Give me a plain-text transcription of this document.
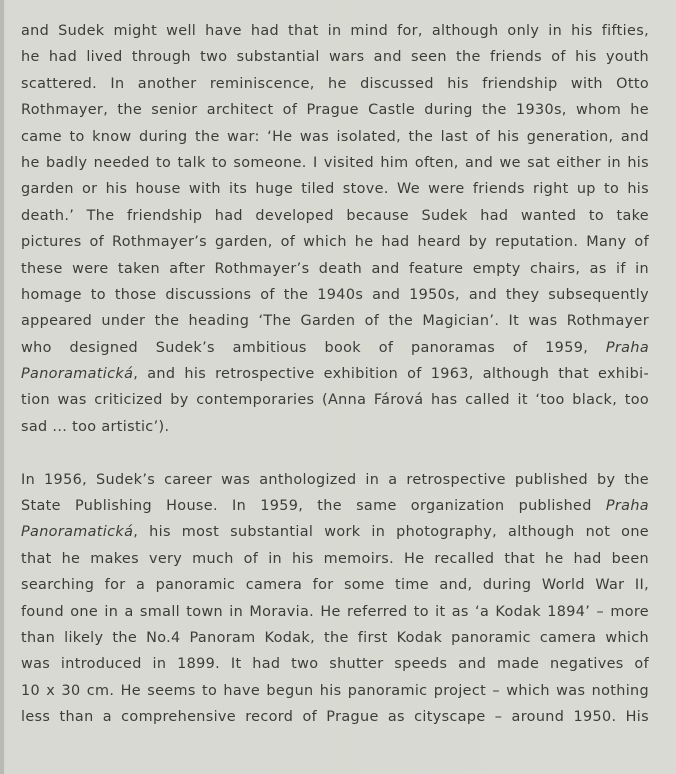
and Sudek might well have had that in mind for, although only in his fifties,
he had lived through two substantial wars and seen the friends of his youth
scattered. In another reminiscence, he discussed his friendship with Otto
Rothmayer, the senior architect of Prague Castle during the 1930s, whom he
came to know during the war: ‘He was isolated, the last of his generation, and
he badly needed to talk to someone. I visited him often, and we sat either in his
garden or his house with its huge tiled stove. We were friends right up to his
death.’ The friendship had developed because Sudek had wanted to take
pictures of Rothmayer’s garden, of which he had heard by reputation. Many of
these were taken after Rothmayer’s death and feature empty chairs, as if in
homage to those discussions of the 1940s and 1950s, and they subsequently
appeared under the heading ‘The Garden of the Magician’. It was Rothmayer
who designed Sudek’s ambitious book of panoramas of 1959, Praha
Panoramatická, and his retrospective exhibition of 1963, although that exhibi-
tion was criticized by contemporaries (Anna Fárová has called it ‘too black, too
sad ... too artistic’).
In 1956, Sudek’s career was anthologized in a retrospective published by the
State Publishing House. In 1959, the same organization published Praha
Panoramatická, his most substantial work in photography, although not one
that he makes very much of in his memoirs. He recalled that he had been
searching for a panoramic camera for some time and, during World War II,
found one in a small town in Moravia. He referred to it as ‘a Kodak 1894’ – more
than likely the No.4 Panoram Kodak, the first Kodak panoramic camera which
was introduced in 1899. It had two shutter speeds and made negatives of
10 x 30 cm. He seems to have begun his panoramic project – which was nothing
less than a comprehensive record of Prague as cityscape – around 1950. His
